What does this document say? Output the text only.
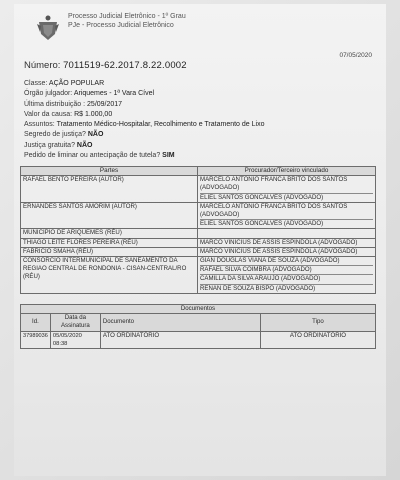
Processo Judicial Eletrônico - 1º Grau
PJe - Processo Judicial Eletrônico
07/05/2020
Número: 7011519-62.2017.8.22.0002
Classe: AÇÃO POPULAR
Órgão julgador: Ariquemes - 1ª Vara Cível
Última distribuição : 25/09/2017
Valor da causa: R$ 1.000,00
Assuntos: Tratamento Médico-Hospitalar, Recolhimento e Tratamento de Lixo
Segredo de justiça? NÃO
Justiça gratuita? NÃO
Pedido de liminar ou antecipação de tutela? SIM
Partes	Procurador/Terceiro vinculado
RAFAEL BENTO PEREIRA (AUTOR)	MARCELO ANTONIO FRANCA BRITO DOS SANTOS (ADVOGADO)
ELIEL SANTOS GONCALVES (ADVOGADO)

ERNANDES SANTOS AMORIM (AUTOR)	MARCELO ANTONIO FRANCA BRITO DOS SANTOS (ADVOGADO)
ELIEL SANTOS GONCALVES (ADVOGADO)

MUNICIPIO DE ARIQUEMES (RÉU)	
THIAGO LEITE FLORES PEREIRA (RÉU)	MARCO VINICIUS DE ASSIS ESPINDOLA (ADVOGADO)

FABRICIO SMAHA (RÉU)	MARCO VINICIUS DE ASSIS ESPINDOLA (ADVOGADO)

CONSORCIO INTERMUNICIPAL DE SANEAMENTO DA REGIAO CENTRAL DE RONDONIA - CISAN-CENTRAL/RO (RÉU)	GIAN DOUGLAS VIANA DE SOUZA (ADVOGADO)
RAFAEL SILVA COIMBRA (ADVOGADO)
CAMILLA DA SILVA ARAUJO (ADVOGADO)
RENAN DE SOUZA BISPO (ADVOGADO)
Documentos			
Id.	Data da Assinatura	Documento	Tipo
37989036	05/05/2020 08:38	ATO ORDINATÓRIO	ATO ORDINATÓRIO
